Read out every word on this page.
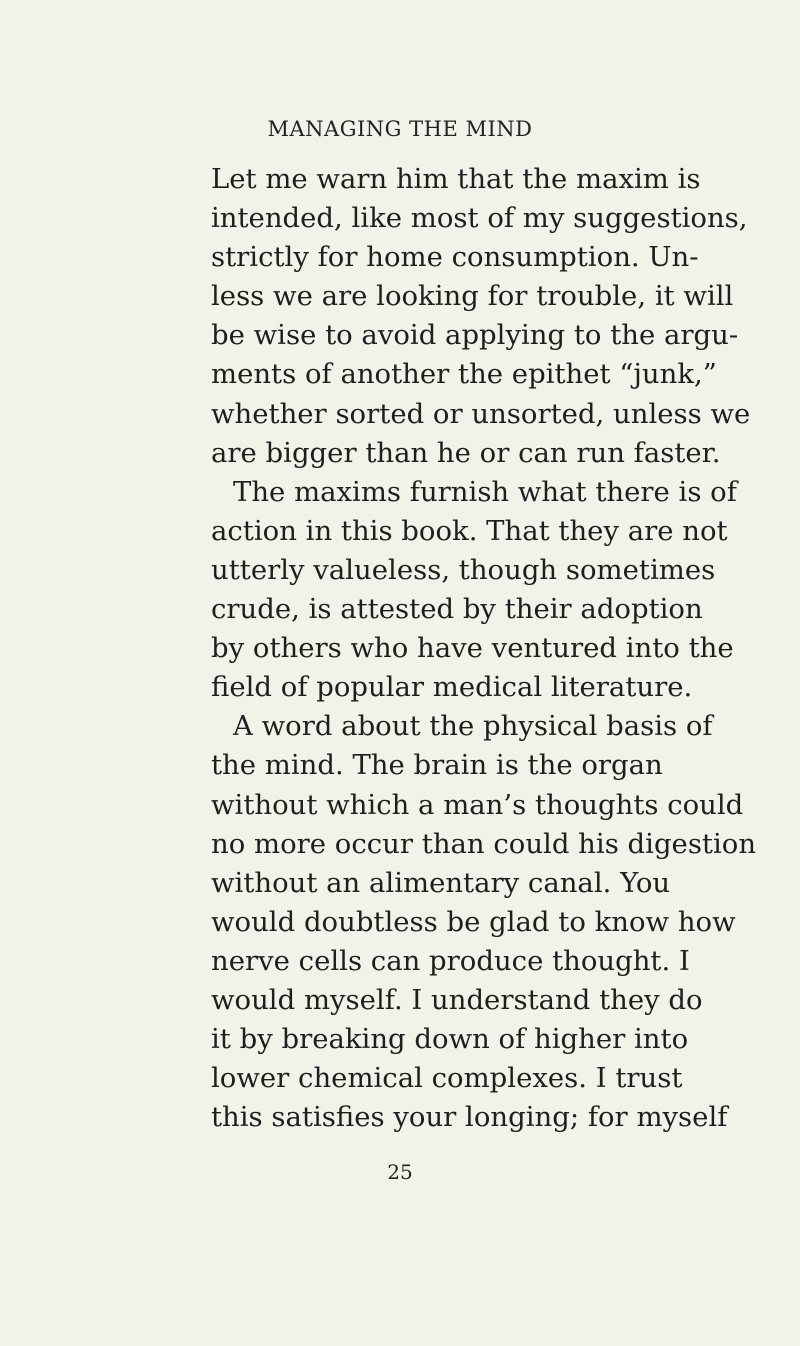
MANAGING THE MIND
Let me warn him that the maxim is
intended, like most of my suggestions,
strictly for home consumption. Un-
less we are looking for trouble, it will
be wise to avoid applying to the argu-
ments of another the epithet “junk,”
whether sorted or unsorted, unless we
are bigger than he or can run faster.
The maxims furnish what there is of
action in this book. That they are not
utterly valueless, though sometimes
crude, is attested by their adoption
by others who have ventured into the
field of popular medical literature.
A word about the physical basis of
the mind. The brain is the organ
without which a man’s thoughts could
no more occur than could his digestion
without an alimentary canal. You
would doubtless be glad to know how
nerve cells can produce thought. I
would myself. I understand they do
it by breaking down of higher into
lower chemical complexes. I trust
this satisfies your longing; for myself
25
